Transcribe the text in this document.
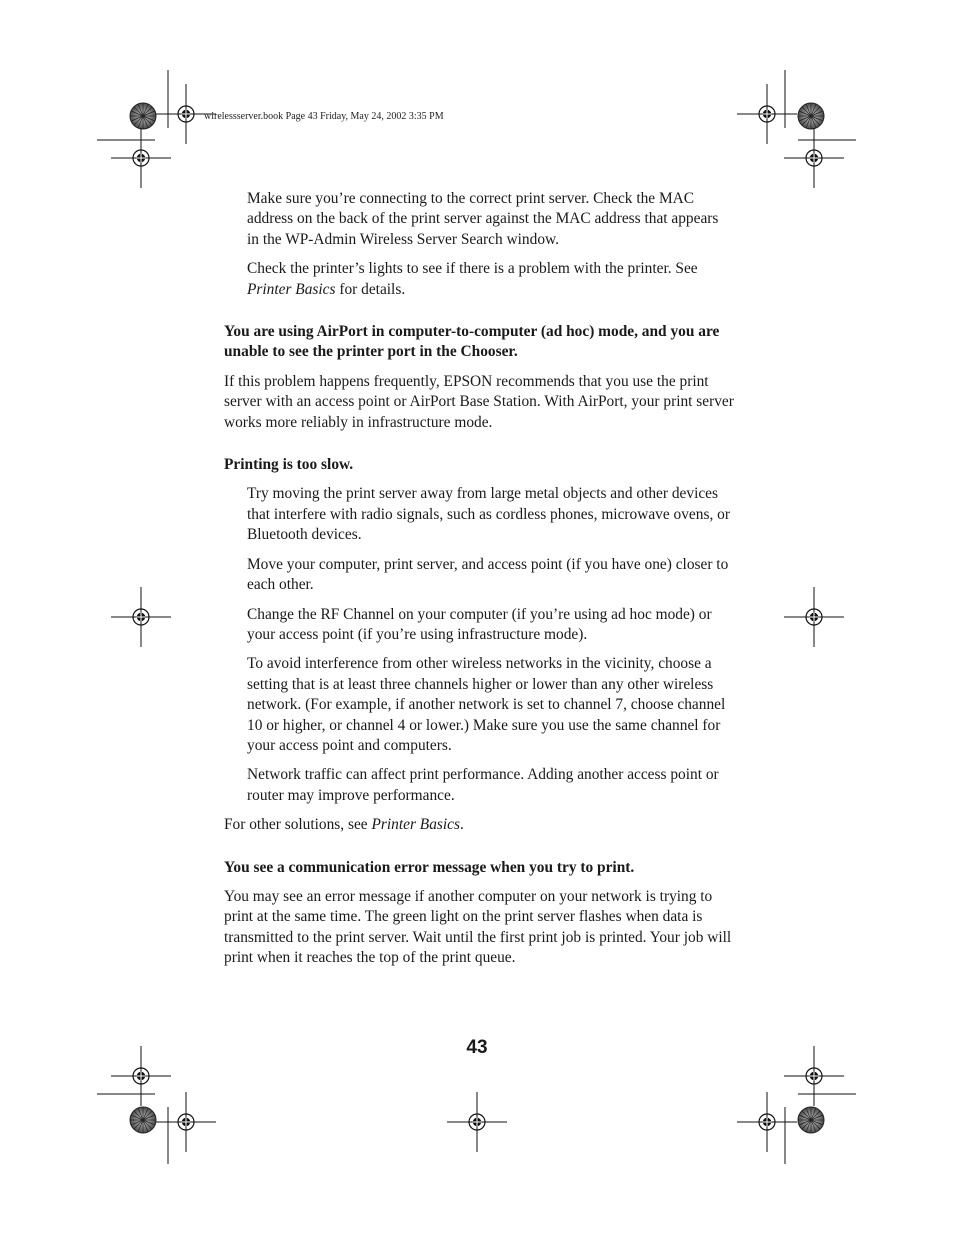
wirelessserver.book Page 43 Friday, May 24, 2002 3:35 PM

Make sure you’re connecting to the correct print server. Check the MAC address on the back of the print server against the MAC address that appears in the WP-Admin Wireless Server Search window.

Check the printer’s lights to see if there is a problem with the printer. See Printer Basics for details.

You are using AirPort in computer-to-computer (ad hoc) mode, and you are unable to see the printer port in the Chooser.

If this problem happens frequently, EPSON recommends that you use the print server with an access point or AirPort Base Station. With AirPort, your print server works more reliably in infrastructure mode.

Printing is too slow.

Try moving the print server away from large metal objects and other devices that interfere with radio signals, such as cordless phones, microwave ovens, or Bluetooth devices.

Move your computer, print server, and access point (if you have one) closer to each other.

Change the RF Channel on your computer (if you’re using ad hoc mode) or your access point (if you’re using infrastructure mode).

To avoid interference from other wireless networks in the vicinity, choose a setting that is at least three channels higher or lower than any other wireless network. (For example, if another network is set to channel 7, choose channel 10 or higher, or channel 4 or lower.) Make sure you use the same channel for your access point and computers.

Network traffic can affect print performance. Adding another access point or router may improve performance.

For other solutions, see Printer Basics.

You see a communication error message when you try to print.

You may see an error message if another computer on your network is trying to print at the same time. The green light on the print server flashes when data is transmitted to the print server. Wait until the first print job is printed. Your job will print when it reaches the top of the print queue.

43
